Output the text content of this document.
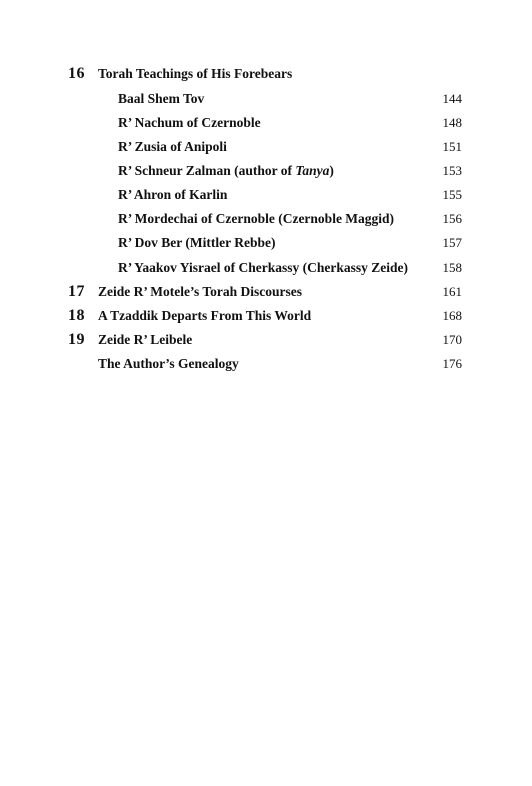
16 Torah Teachings of His Forebears
Baal Shem Tov	144
R’ Nachum of Czernoble	148
R’ Zusia of Anipoli	151
R’ Schneur Zalman (author of Tanya)	153
R’ Ahron of Karlin	155
R’ Mordechai of Czernoble (Czernoble Maggid)	156
R’ Dov Ber (Mittler Rebbe)	157
R’ Yaakov Yisrael of Cherkassy (Cherkassy Zeide)	158
17 Zeide R’ Motele’s Torah Discourses	161
18 A Tzaddik Departs From This World	168
19 Zeide R’ Leibele	170
The Author’s Genealogy	176
